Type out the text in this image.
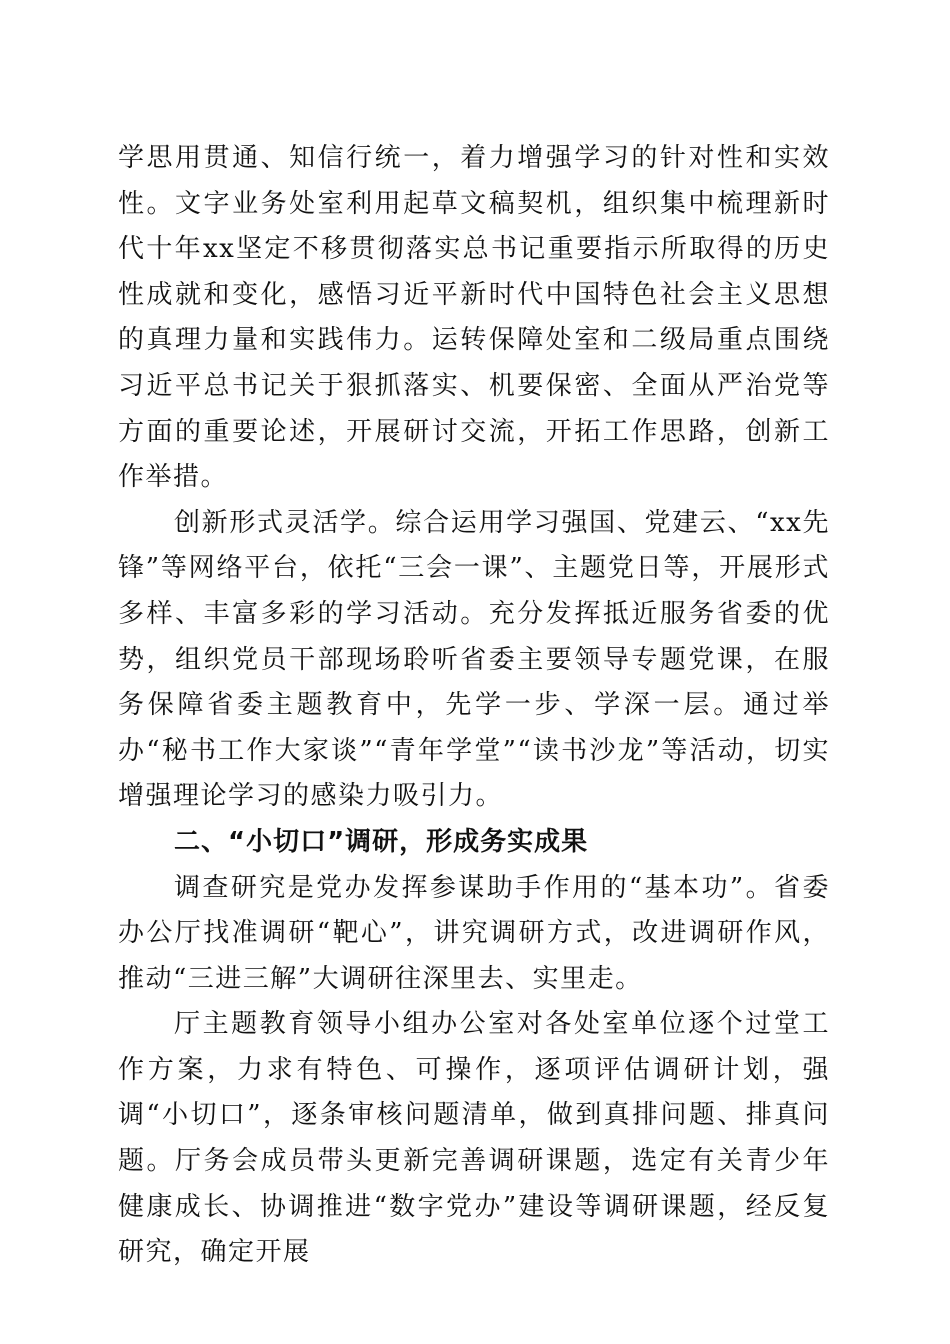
学思用贯通、知信行统一，着力增强学习的针对性和实效性。文字业务处室利用起草文稿契机，组织集中梳理新时代十年xx坚定不移贯彻落实总书记重要指示所取得的历史性成就和变化，感悟习近平新时代中国特色社会主义思想的真理力量和实践伟力。运转保障处室和二级局重点围绕习近平总书记关于狠抓落实、机要保密、全面从严治党等方面的重要论述，开展研讨交流，开拓工作思路，创新工作举措。

创新形式灵活学。综合运用学习强国、党建云、“xx先锋”等网络平台，依托“三会一课”、主题党日等，开展形式多样、丰富多彩的学习活动。充分发挥抵近服务省委的优势，组织党员干部现场聆听省委主要领导专题党课，在服务保障省委主题教育中，先学一步、学深一层。通过举办“秘书工作大家谈”“青年学堂”“读书沙龙”等活动，切实增强理论学习的感染力吸引力。

二、“小切口”调研，形成务实成果

调查研究是党办发挥参谋助手作用的“基本功”。省委办公厅找准调研“靶心”，讲究调研方式，改进调研作风，推动“三进三解”大调研往深里去、实里走。

厅主题教育领导小组办公室对各处室单位逐个过堂工作方案，力求有特色、可操作，逐项评估调研计划，强调“小切口”，逐条审核问题清单，做到真排问题、排真问题。厅务会成员带头更新完善调研课题，选定有关青少年健康成长、协调推进“数字党办”建设等调研课题，经反复研究，确定开展
